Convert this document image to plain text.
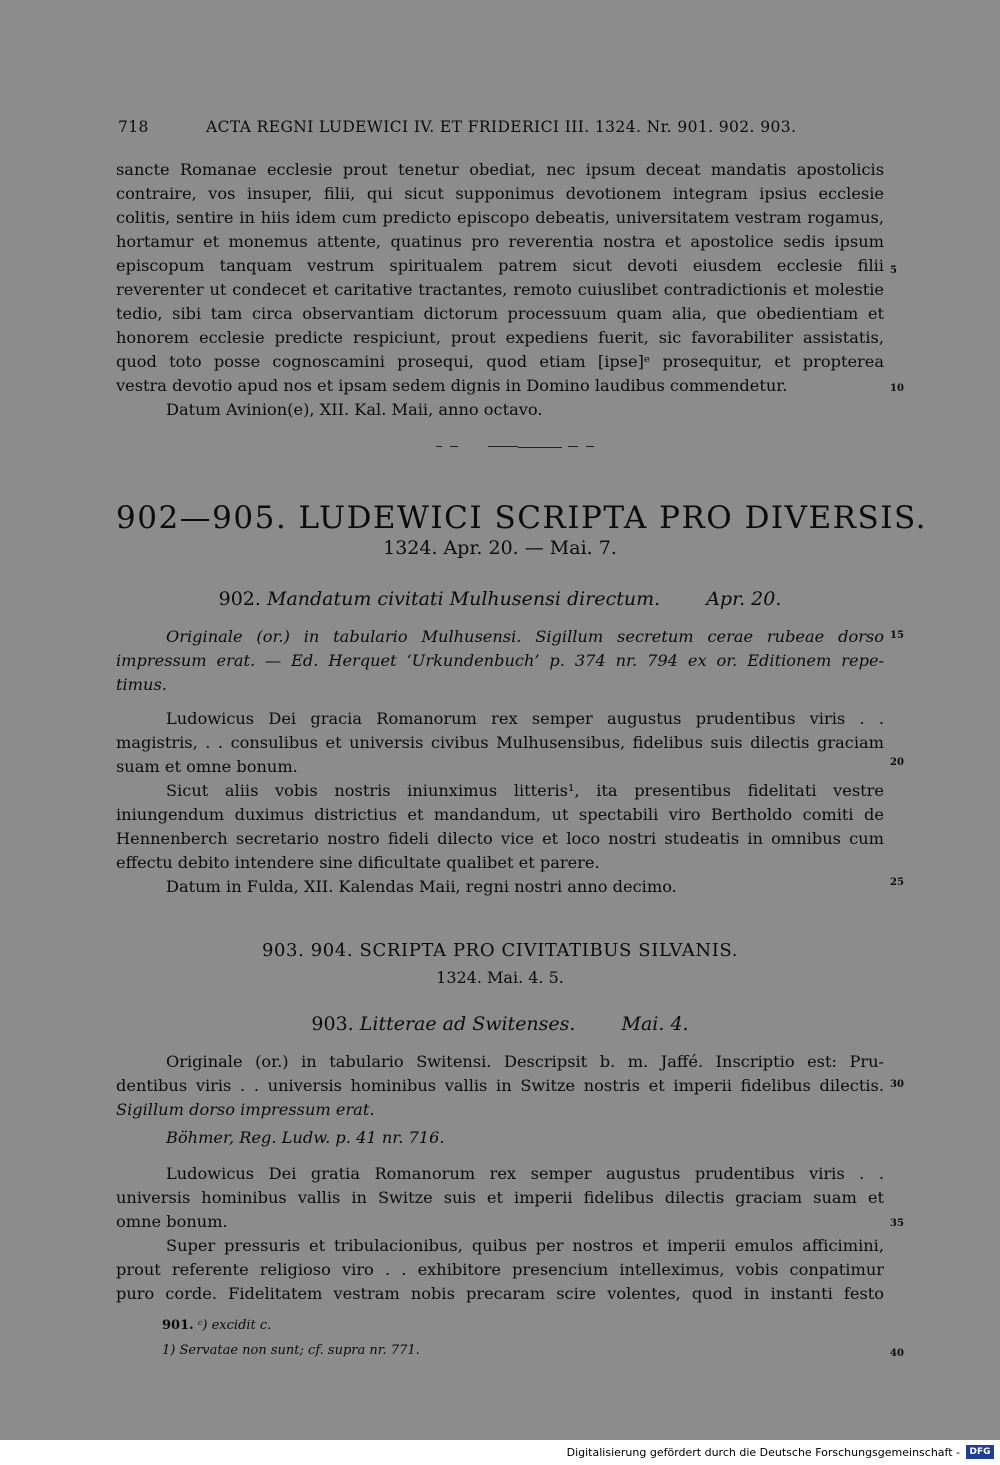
718	ACTA REGNI LUDEWICI IV. ET FRIDERICI III. 1324. Nr. 901. 902. 903.
sancte Romanae ecclesie prout tenetur obediat, nec ipsum deceat mandatis apostolicis
contraire, vos insuper, filii, qui sicut supponimus devotionem integram ipsius ecclesie
colitis, sentire in hiis idem cum predicto episcopo debeatis, universitatem vestram rogamus,
hortamur et monemus attente, quatinus pro reverentia nostra et apostolice sedis ipsum
episcopum tanquam vestrum spiritualem patrem sicut devoti eiusdem ecclesie filii
reverenter ut condecet et caritative tractantes, remoto cuiuslibet contradictionis et molestie
tedio, sibi tam circa observantiam dictorum processuum quam alia, que obedientiam et
honorem ecclesie predicte respiciunt, prout expediens fuerit, sic favorabiliter assistatis,
quod toto posse cognoscamini prosequi, quod etiam [ipse]ᵉ prosequitur, et propterea
vestra devotio apud nos et ipsam sedem dignis in Domino laudibus commendetur.
Datum Avinion(e), XII. Kal. Maii, anno octavo.
902—905. LUDEWICI SCRIPTA PRO DIVERSIS.
1324. Apr. 20. — Mai. 7.
902. Mandatum civitati Mulhusensi directum. Apr. 20.
Originale (or.) in tabulario Mulhusensi. Sigillum secretum cerae rubeae dorso
impressum erat. — Ed. Herquet ‘Urkundenbuch’ p. 374 nr. 794 ex or. Editionem repe-
timus.
Ludowicus Dei gracia Romanorum rex semper augustus prudentibus viris . .
magistris, . . consulibus et universis civibus Mulhusensibus, fidelibus suis dilectis graciam
suam et omne bonum.
Sicut aliis vobis nostris iniunximus litteris¹, ita presentibus fidelitati vestre
iniungendum duximus districtius et mandandum, ut spectabili viro Bertholdo comiti de
Hennenberch secretario nostro fideli dilecto vice et loco nostri studeatis in omnibus cum
effectu debito intendere sine dificultate qualibet et parere.
Datum in Fulda, XII. Kalendas Maii, regni nostri anno decimo.
903. 904. SCRIPTA PRO CIVITATIBUS SILVANIS.
1324. Mai. 4. 5.
903. Litterae ad Switenses. Mai. 4.
Originale (or.) in tabulario Switensi. Descripsit b. m. Jaffé. Inscriptio est: Pru-
dentibus viris . . universis hominibus vallis in Switze nostris et imperii fidelibus dilectis.
Sigillum dorso impressum erat.
Böhmer, Reg. Ludw. p. 41 nr. 716.
Ludowicus Dei gratia Romanorum rex semper augustus prudentibus viris . .
universis hominibus vallis in Switze suis et imperii fidelibus dilectis graciam suam et
omne bonum.
Super pressuris et tribulacionibus, quibus per nostros et imperii emulos afficimini,
prout referente religioso viro . . exhibitore presencium intelleximus, vobis conpatimur
puro corde. Fidelitatem vestram nobis precaram scire volentes, quod in instanti festo
901. ᶜ) excidit c.
1) Servatae non sunt; cf. supra nr. 771.
5
10
15
20
25
30
35
40
Digitalisierung gefördert durch die Deutsche Forschungsgemeinschaft -	DFG
